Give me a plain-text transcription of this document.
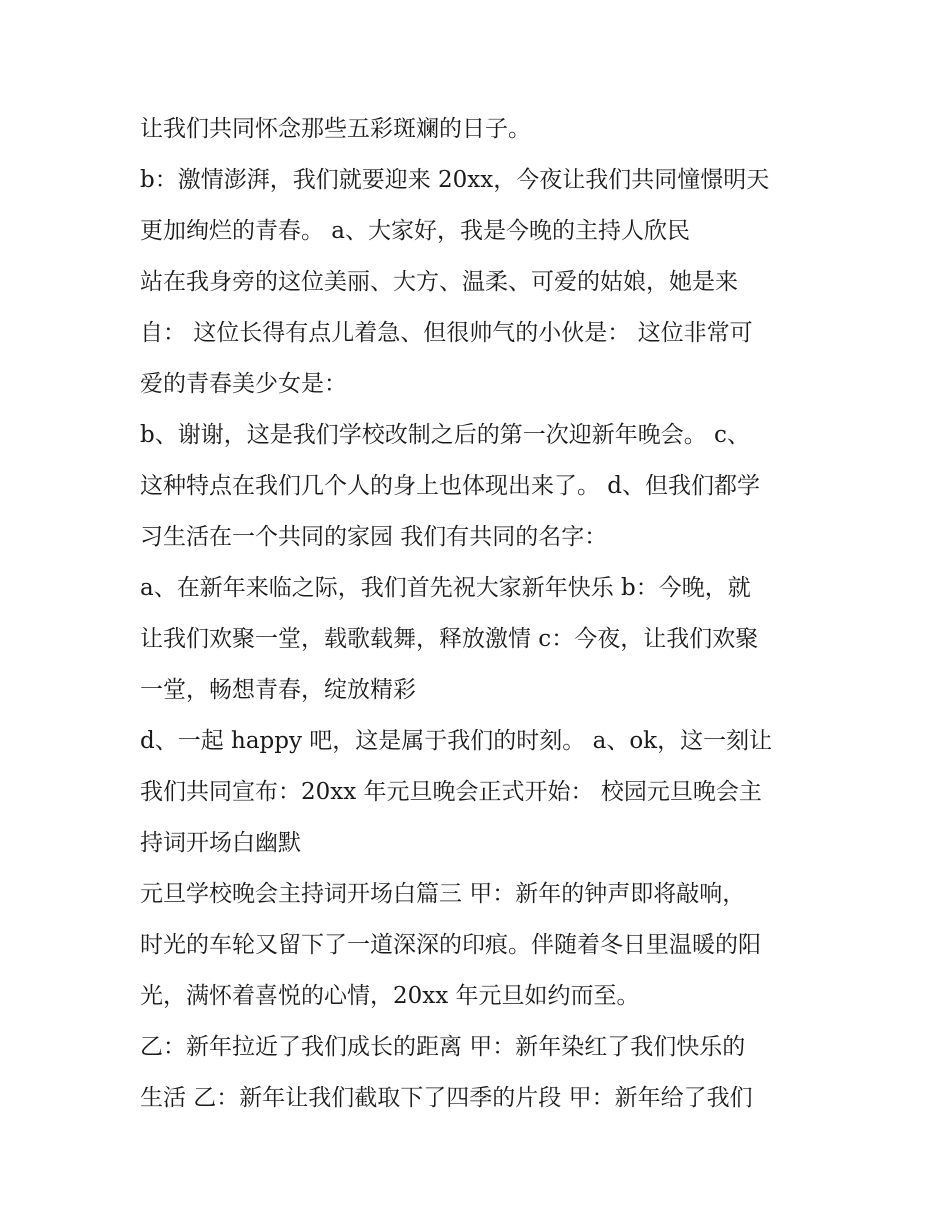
让我们共同怀念那些五彩斑斓的日子。
b：激情澎湃，我们就要迎来 20xx，今夜让我们共同憧憬明天
更加绚烂的青春。 a、大家好，我是今晚的主持人欣民
站在我身旁的这位美丽、大方、温柔、可爱的姑娘，她是来
自： 这位长得有点儿着急、但很帅气的小伙是： 这位非常可
爱的青春美少女是：
b、谢谢，这是我们学校改制之后的第一次迎新年晚会。 c、
这种特点在我们几个人的身上也体现出来了。 d、但我们都学
习生活在一个共同的家园 我们有共同的名字：
a、在新年来临之际，我们首先祝大家新年快乐 b：今晚，就
让我们欢聚一堂，载歌载舞，释放激情 c：今夜，让我们欢聚
一堂，畅想青春，绽放精彩
d、一起 happy 吧，这是属于我们的时刻。 a、ok，这一刻让
我们共同宣布：20xx 年元旦晚会正式开始： 校园元旦晚会主
持词开场白幽默
元旦学校晚会主持词开场白篇三 甲：新年的钟声即将敲响，
时光的车轮又留下了一道深深的印痕。伴随着冬日里温暖的阳
光，满怀着喜悦的心情，20xx 年元旦如约而至。
乙：新年拉近了我们成长的距离 甲：新年染红了我们快乐的
生活 乙：新年让我们截取下了四季的片段 甲：新年给了我们
